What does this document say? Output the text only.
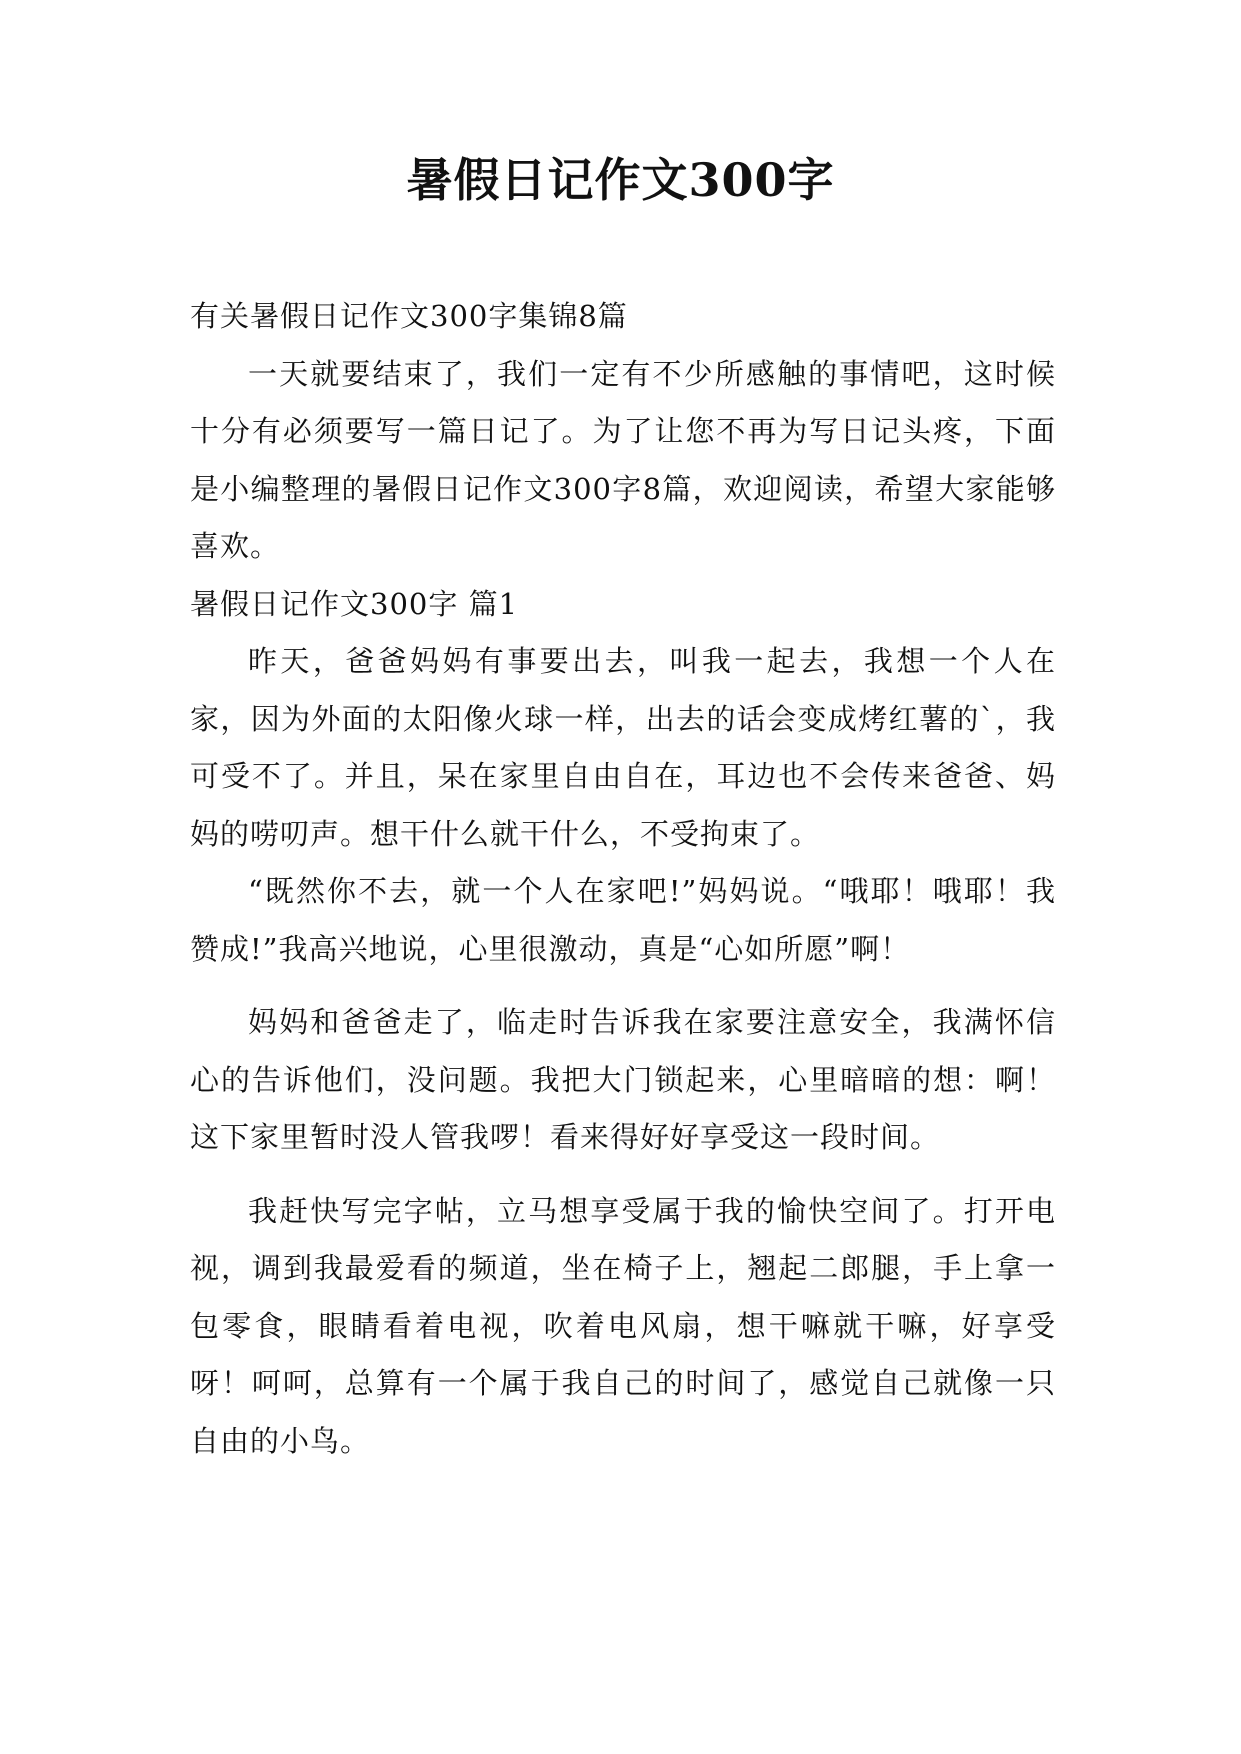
暑假日记作文300字

有关暑假日记作文300字集锦8篇

一天就要结束了，我们一定有不少所感触的事情吧，这时候十分有必须要写一篇日记了。为了让您不再为写日记头疼，下面是小编整理的暑假日记作文300字8篇，欢迎阅读，希望大家能够喜欢。

暑假日记作文300字 篇1

昨天，爸爸妈妈有事要出去，叫我一起去，我想一个人在家，因为外面的太阳像火球一样，出去的话会变成烤红薯的`，我可受不了。并且，呆在家里自由自在，耳边也不会传来爸爸、妈妈的唠叨声。想干什么就干什么，不受拘束了。

“既然你不去，就一个人在家吧!”妈妈说。“哦耶！哦耶！我赞成!”我高兴地说，心里很激动，真是“心如所愿”啊！

妈妈和爸爸走了，临走时告诉我在家要注意安全，我满怀信心的告诉他们，没问题。我把大门锁起来，心里暗暗的想：啊！这下家里暂时没人管我啰！看来得好好享受这一段时间。

我赶快写完字帖，立马想享受属于我的愉快空间了。打开电视，调到我最爱看的频道，坐在椅子上，翘起二郎腿，手上拿一包零食，眼睛看着电视，吹着电风扇，想干嘛就干嘛，好享受呀！呵呵，总算有一个属于我自己的时间了，感觉自己就像一只自由的小鸟。
